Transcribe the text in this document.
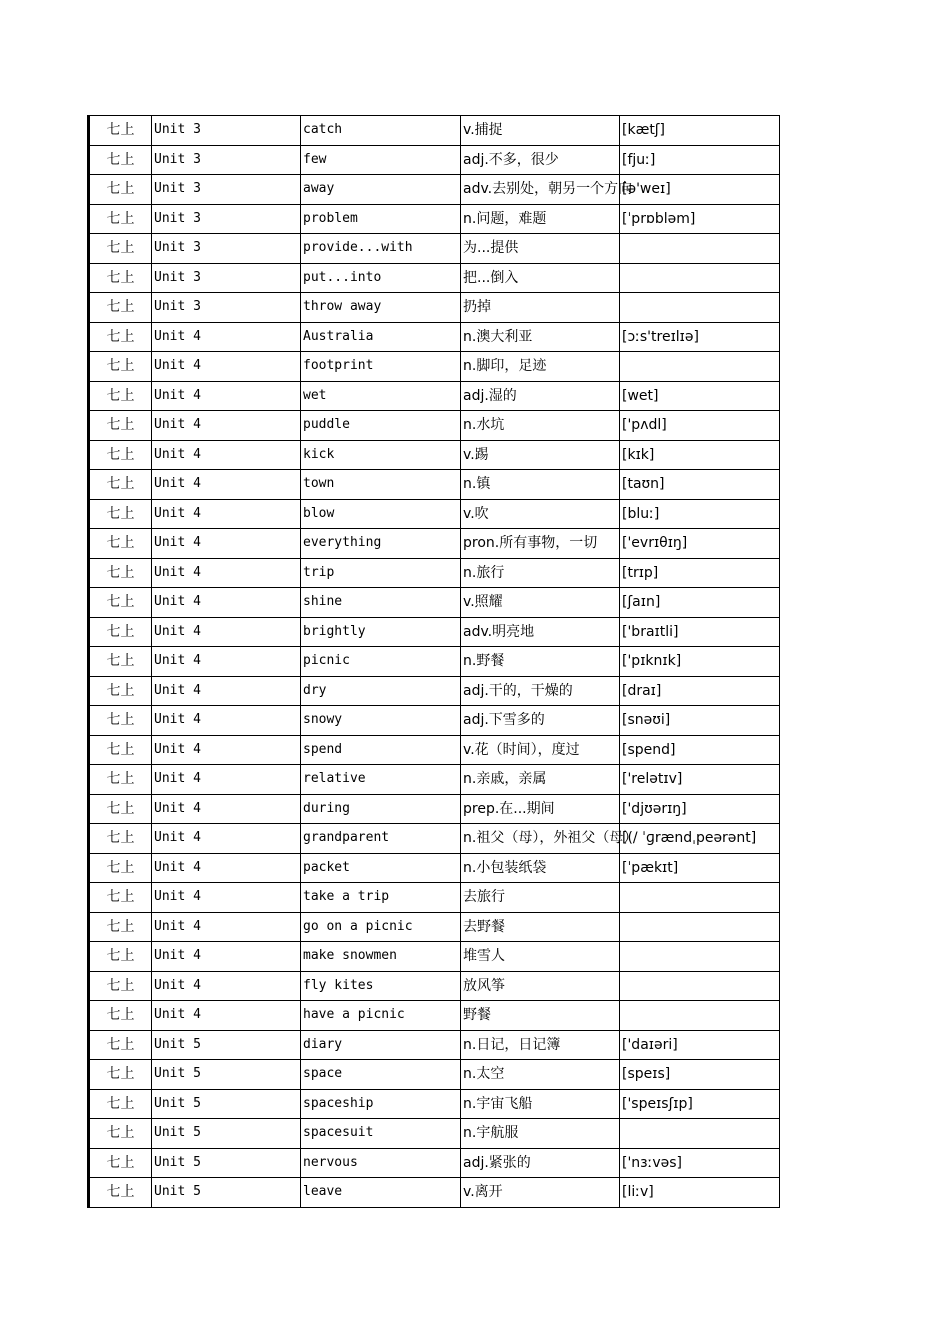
七上	Unit 3	catch	v.捕捉	[kætʃ]
七上	Unit 3	few	adj.不多，很少	[fjuː]
七上	Unit 3	away	adv.去别处，朝另一个方向	[ə'weɪ]
七上	Unit 3	problem	n.问题，难题	[ˈprɒbləm]
七上	Unit 3	provide...with	为...提供	
七上	Unit 3	put...into	把...倒入	
七上	Unit 3	throw away	扔掉	
七上	Unit 4	Australia	n.澳大利亚	[ɔːs'treɪlɪə]
七上	Unit 4	footprint	n.脚印，足迹	
七上	Unit 4	wet	adj.湿的	[wet]
七上	Unit 4	puddle	n.水坑	['pʌdl]
七上	Unit 4	kick	v.踢	[kɪk]
七上	Unit 4	town	n.镇	[taʊn]
七上	Unit 4	blow	v.吹	[bluː]
七上	Unit 4	everything	pron.所有事物，一切	['evrɪθɪŋ]
七上	Unit 4	trip	n.旅行	[trɪp]
七上	Unit 4	shine	v.照耀	[ʃaɪn]
七上	Unit 4	brightly	adv.明亮地	['braɪtli]
七上	Unit 4	picnic	n.野餐	['pɪknɪk]
七上	Unit 4	dry	adj.干的，干燥的	[draɪ]
七上	Unit 4	snowy	adj.下雪多的	[snəʊi]
七上	Unit 4	spend	v.花（时间），度过	[spend]
七上	Unit 4	relative	n.亲戚，亲属	['relətɪv]
七上	Unit 4	during	prep.在...期间	['djʊərɪŋ]
七上	Unit 4	grandparent	n.祖父（母），外祖父（母）	[(/ ˈɡrændˌpeərənt]
七上	Unit 4	packet	n.小包装纸袋	[ˈpækɪt]
七上	Unit 4	take a trip	去旅行	
七上	Unit 4	go on a picnic	去野餐	
七上	Unit 4	make snowmen	堆雪人	
七上	Unit 4	fly kites	放风筝	
七上	Unit 4	have a picnic	野餐	
七上	Unit 5	diary	n.日记，日记簿	['daɪəri]
七上	Unit 5	space	n.太空	[speɪs]
七上	Unit 5	spaceship	n.宇宙飞船	['speɪsʃɪp]
七上	Unit 5	spacesuit	n.宇航服	
七上	Unit 5	nervous	adj.紧张的	['nɜːvəs]
七上	Unit 5	leave	v.离开	[liːv]
